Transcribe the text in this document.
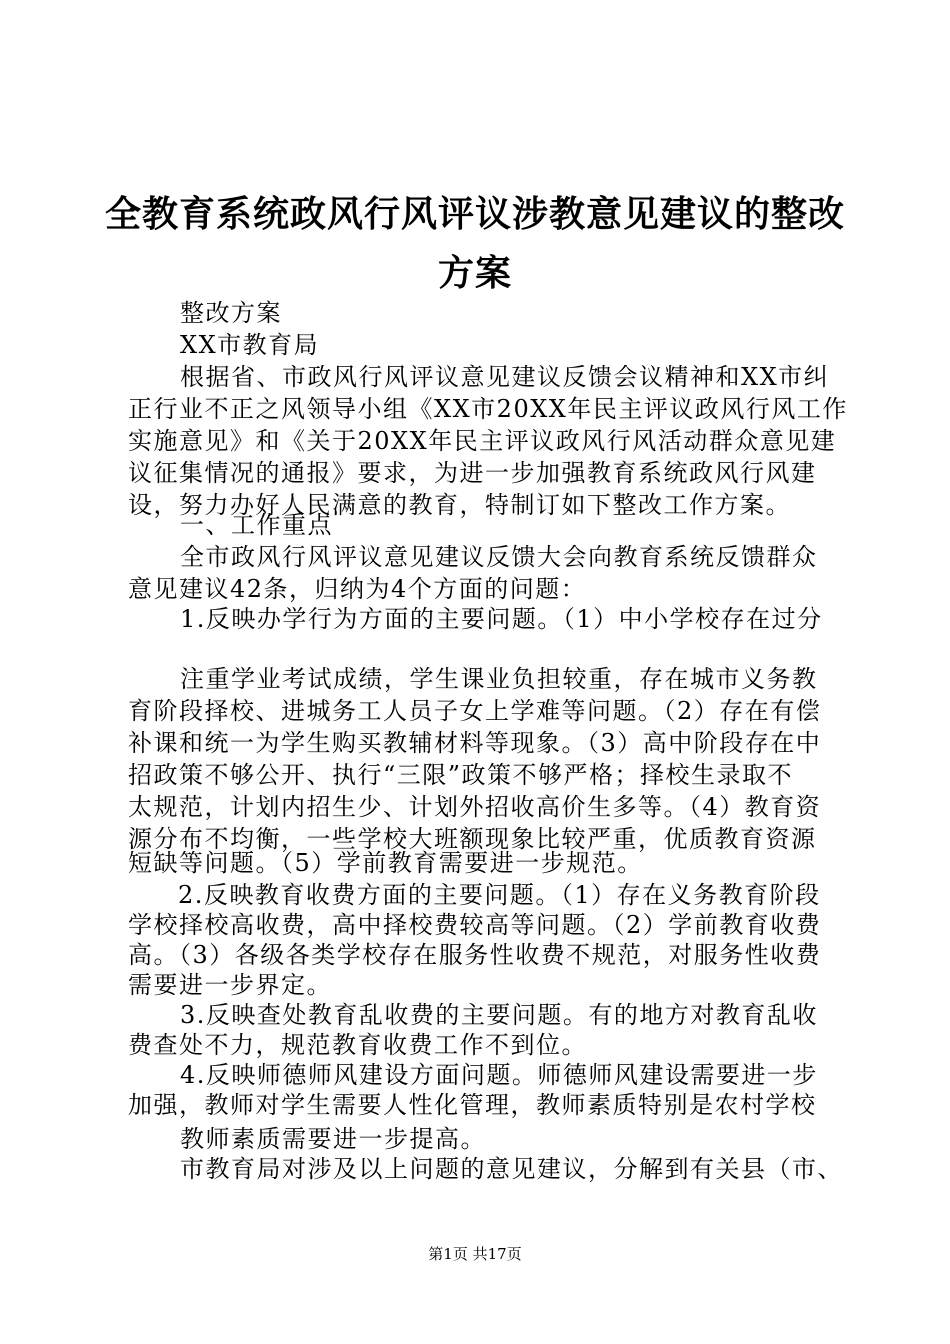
全教育系统政风行风评议涉教意见建议的整改
方案
整改方案
XX市教育局
根据省、市政风行风评议意见建议反馈会议精神和XX市纠
正行业不正之风领导小组《XX市20XX年民主评议政风行风工作
实施意见》和《关于20XX年民主评议政风行风活动群众意见建
议征集情况的通报》要求，为进一步加强教育系统政风行风建
设，努力办好人民满意的教育，特制订如下整改工作方案。
一、工作重点
全市政风行风评议意见建议反馈大会向教育系统反馈群众
意见建议42条，归纳为4个方面的问题：
1.反映办学行为方面的主要问题。（1）中小学校存在过分
注重学业考试成绩，学生课业负担较重，存在城市义务教
育阶段择校、进城务工人员子女上学难等问题。（2）存在有偿
补课和统一为学生购买教辅材料等现象。（3）高中阶段存在中
招政策不够公开、执行“三限”政策不够严格；择校生录取不
太规范，计划内招生少、计划外招收高价生多等。（4）教育资
源分布不均衡，一些学校大班额现象比较严重，优质教育资源
短缺等问题。（5）学前教育需要进一步规范。
2.反映教育收费方面的主要问题。（1）存在义务教育阶段
学校择校高收费，高中择校费较高等问题。（2）学前教育收费
高。（3）各级各类学校存在服务性收费不规范，对服务性收费
需要进一步界定。
3.反映查处教育乱收费的主要问题。有的地方对教育乱收
费查处不力，规范教育收费工作不到位。
4.反映师德师风建设方面问题。师德师风建设需要进一步
加强，教师对学生需要人性化管理，教师素质特别是农村学校
教师素质需要进一步提高。
市教育局对涉及以上问题的意见建议，分解到有关县（市、
第1页 共17页
